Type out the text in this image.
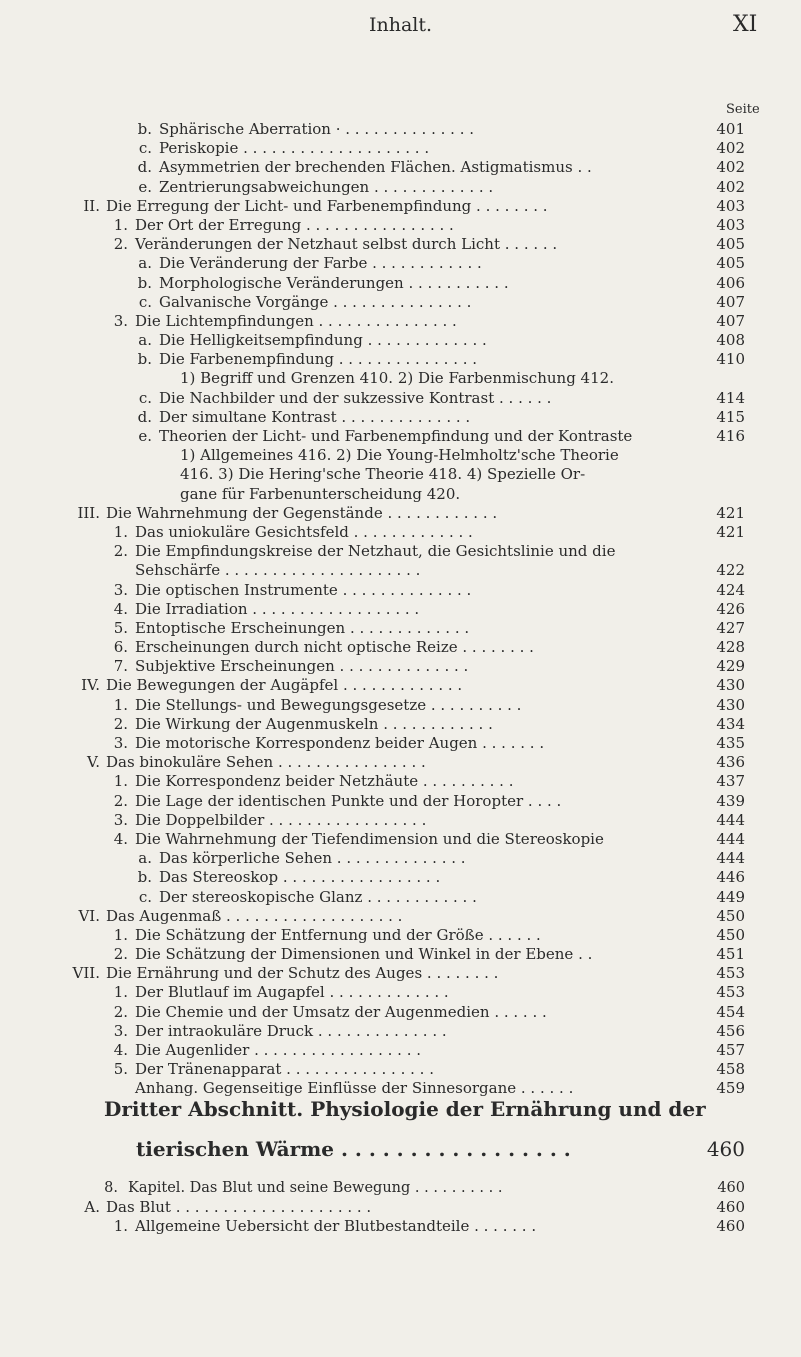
Inhalt.	XI
Seite
b. Sphärische Aberration · . . . . . . . . . . . . . .	401
c. Periskopie . . . . . . . . . . . . . . . . . . . .	402
d. Asymmetrien der brechenden Flächen. Astigmatismus . .	402
e. Zentrierungsabweichungen . . . . . . . . . . . . .	402
II. Die Erregung der Licht- und Farbenempfindung . . . . . . . .	403
1. Der Ort der Erregung . . . . . . . . . . . . . . . .	403
2. Veränderungen der Netzhaut selbst durch Licht . . . . . .	405
a. Die Veränderung der Farbe . . . . . . . . . . . .	405
b. Morphologische Veränderungen . . . . . . . . . . .	406
c. Galvanische Vorgänge . . . . . . . . . . . . . . .	407
3. Die Lichtempfindungen . . . . . . . . . . . . . . .	407
a. Die Helligkeitsempfindung . . . . . . . . . . . . .	408
b. Die Farbenempfindung . . . . . . . . . . . . . . .	410
1) Begriff und Grenzen 410. 2) Die Farbenmischung 412.
c. Die Nachbilder und der sukzessive Kontrast . . . . . .	414
d. Der simultane Kontrast . . . . . . . . . . . . . .	415
e. Theorien der Licht- und Farbenempfindung und der Kontraste	416
1) Allgemeines 416. 2) Die Young-Helmholtz'sche Theorie
416. 3) Die Hering'sche Theorie 418. 4) Spezielle Or-
gane für Farbenunterscheidung 420.
III. Die Wahrnehmung der Gegenstände . . . . . . . . . . . .	421
1. Das uniokuläre Gesichtsfeld . . . . . . . . . . . . .	421
2. Die Empfindungskreise der Netzhaut, die Gesichtslinie und die
Sehschärfe . . . . . . . . . . . . . . . . . . . . .	422
3. Die optischen Instrumente . . . . . . . . . . . . . .	424
4. Die Irradiation . . . . . . . . . . . . . . . . . .	426
5. Entoptische Erscheinungen . . . . . . . . . . . . .	427
6. Erscheinungen durch nicht optische Reize . . . . . . . .	428
7. Subjektive Erscheinungen . . . . . . . . . . . . . .	429
IV. Die Bewegungen der Augäpfel . . . . . . . . . . . . .	430
1. Die Stellungs- und Bewegungsgesetze . . . . . . . . . .	430
2. Die Wirkung der Augenmuskeln . . . . . . . . . . . .	434
3. Die motorische Korrespondenz beider Augen . . . . . . .	435
V. Das binokuläre Sehen . . . . . . . . . . . . . . . .	436
1. Die Korrespondenz beider Netzhäute . . . . . . . . . .	437
2. Die Lage der identischen Punkte und der Horopter . . . .	439
3. Die Doppelbilder . . . . . . . . . . . . . . . . .	444
4. Die Wahrnehmung der Tiefendimension und die Stereoskopie	444
a. Das körperliche Sehen . . . . . . . . . . . . . .	444
b. Das Stereoskop . . . . . . . . . . . . . . . . .	446
c. Der stereoskopische Glanz . . . . . . . . . . . .	449
VI. Das Augenmaß . . . . . . . . . . . . . . . . . . .	450
1. Die Schätzung der Entfernung und der Größe . . . . . .	450
2. Die Schätzung der Dimensionen und Winkel in der Ebene . .	451
VII. Die Ernährung und der Schutz des Auges . . . . . . . .	453
1. Der Blutlauf im Augapfel . . . . . . . . . . . . .	453
2. Die Chemie und der Umsatz der Augenmedien . . . . . .	454
3. Der intraokuläre Druck . . . . . . . . . . . . . .	456
4. Die Augenlider . . . . . . . . . . . . . . . . . .	457
5. Der Tränenapparat . . . . . . . . . . . . . . . .	458
Anhang. Gegenseitige Einflüsse der Sinnesorgane . . . . . .	459
Dritter Abschnitt. Physiologie der Ernährung und der
tierischen Wärme . . . . . . . . . . . . . . . . .	460
8. Kapitel. Das Blut und seine Bewegung . . . . . . . . . .	460
A. Das Blut . . . . . . . . . . . . . . . . . . . . .	460
1. Allgemeine Uebersicht der Blutbestandteile . . . . . . .	460
